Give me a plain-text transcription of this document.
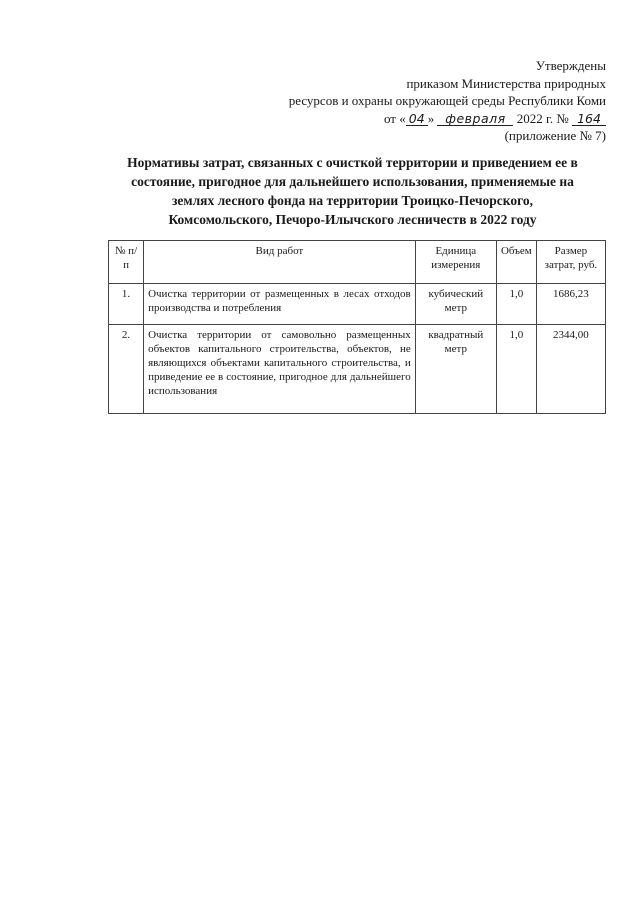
Утверждены
приказом Министерства природных
ресурсов и охраны окружающей среды Республики Коми
от « 04 » февраля 2022 г. № 164
(приложение № 7)
Нормативы затрат, связанных с очисткой территории и приведением ее в
состояние, пригодное для дальнейшего использования, применяемые на
землях лесного фонда на территории Троицко-Печорского,
Комсомольского, Печоро-Илычского лесничеств в 2022 году
№ п/п	Вид работ	Единица измерения	Объем	Размер затрат, руб.
1.	Очистка территории от размещенных в лесах отходов производства и потребления	кубический метр	1,0	1686,23
2.	Очистка территории от самовольно размещенных объектов капитального строительства, объектов, не являющихся объектами капитального строительства, и приведение ее в состояние, пригодное для дальнейшего использования	квадратный метр	1,0	2344,00
